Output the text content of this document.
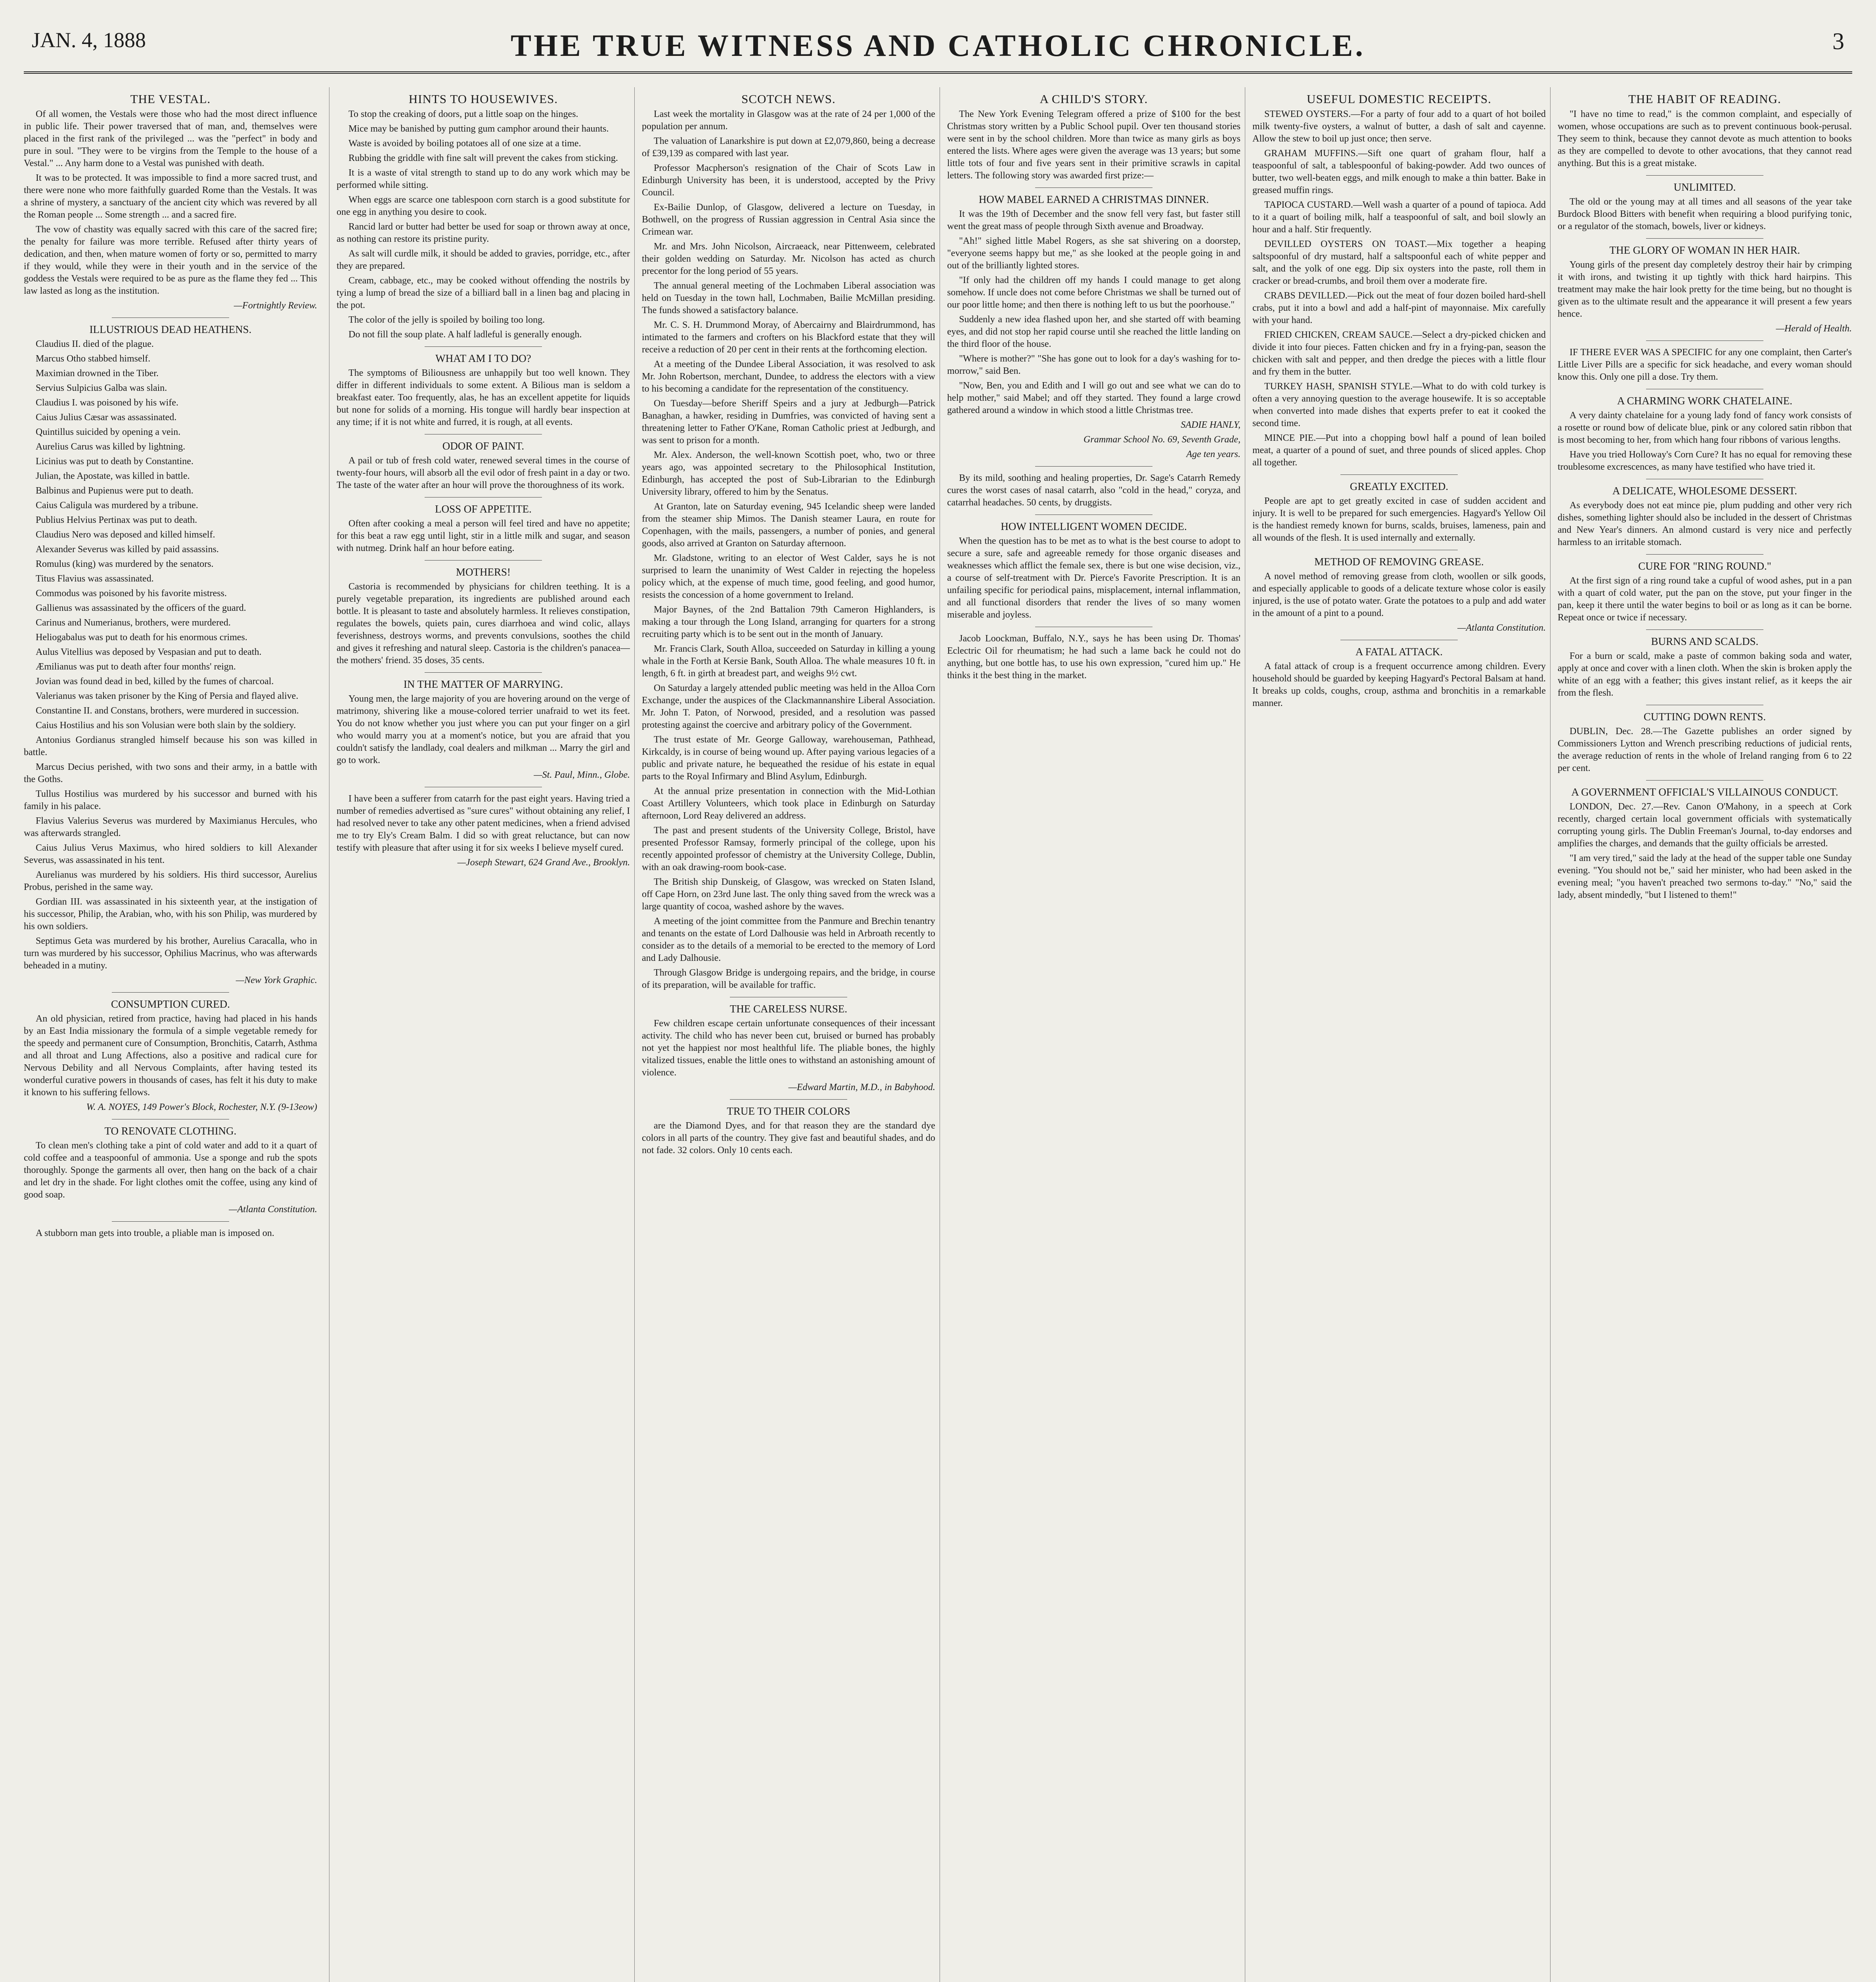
JAN. 4, 1888	THE TRUE WITNESS AND CATHOLIC CHRONICLE.	3
THE VESTAL.

Of all women, the Vestals were those who had the most direct influence in public life. Their power traversed that of man, and, themselves were placed in the first rank of the privileged ... was the "perfect" in body and pure in soul. "They were to be virgins from the Temple to the house of a Vestal." ... Any harm done to a Vestal was punished with death.

It was to be protected. It was impossible to find a more sacred trust, and there were none who more faithfully guarded Rome than the Vestals. It was a shrine of mystery, a sanctuary of the ancient city which was revered by all the Roman people ... Some strength ... and a sacred fire.

The vow of chastity was equally sacred with this care of the sacred fire; the penalty for failure was more terrible. Refused after thirty years of dedication, and then, when mature women of forty or so, permitted to marry if they would, while they were in their youth and in the service of the goddess the Vestals were required to be as pure as the flame they fed ... This law lasted as long as the institution.

—Fortnightly Review.

ILLUSTRIOUS DEAD HEATHENS.

Claudius II. died of the plague.

Marcus Otho stabbed himself.

Maximian drowned in the Tiber.

Servius Sulpicius Galba was slain.

Claudius I. was poisoned by his wife.

Caius Julius Cæsar was assassinated.

Quintillus suicided by opening a vein.

Aurelius Carus was killed by lightning.

Licinius was put to death by Constantine.

Julian, the Apostate, was killed in battle.

Balbinus and Pupienus were put to death.

Caius Caligula was murdered by a tribune.

Publius Helvius Pertinax was put to death.

Claudius Nero was deposed and killed himself.

Alexander Severus was killed by paid assassins.

Romulus (king) was murdered by the senators.

Titus Flavius was assassinated.

Commodus was poisoned by his favorite mistress.

Gallienus was assassinated by the officers of the guard.

Carinus and Numerianus, brothers, were murdered.

Heliogabalus was put to death for his enormous crimes.

Aulus Vitellius was deposed by Vespasian and put to death.

Æmilianus was put to death after four months' reign.

Jovian was found dead in bed, killed by the fumes of charcoal.

Valerianus was taken prisoner by the King of Persia and flayed alive.

Constantine II. and Constans, brothers, were murdered in succession.

Caius Hostilius and his son Volusian were both slain by the soldiery.

Antonius Gordianus strangled himself because his son was killed in battle.

Marcus Decius perished, with two sons and their army, in a battle with the Goths.

Tullus Hostilius was murdered by his successor and burned with his family in his palace.

Flavius Valerius Severus was murdered by Maximianus Hercules, who was afterwards strangled.

Caius Julius Verus Maximus, who hired soldiers to kill Alexander Severus, was assassinated in his tent.

Aurelianus was murdered by his soldiers. His third successor, Aurelius Probus, perished in the same way.

Gordian III. was assassinated in his sixteenth year, at the instigation of his successor, Philip, the Arabian, who, with his son Philip, was murdered by his own soldiers.

Septimus Geta was murdered by his brother, Aurelius Caracalla, who in turn was murdered by his successor, Ophilius Macrinus, who was afterwards beheaded in a mutiny.

—New York Graphic.

CONSUMPTION CURED.

An old physician, retired from practice, having had placed in his hands by an East India missionary the formula of a simple vegetable remedy for the speedy and permanent cure of Consumption, Bronchitis, Catarrh, Asthma and all throat and Lung Affections, also a positive and radical cure for Nervous Debility and all Nervous Complaints, after having tested its wonderful curative powers in thousands of cases, has felt it his duty to make it known to his suffering fellows.

W. A. NOYES, 149 Power's Block, Rochester, N.Y. (9-13eow)

TO RENOVATE CLOTHING.

To clean men's clothing take a pint of cold water and add to it a quart of cold coffee and a teaspoonful of ammonia. Use a sponge and rub the spots thoroughly. Sponge the garments all over, then hang on the back of a chair and let dry in the shade. For light clothes omit the coffee, using any kind of good soap.

—Atlanta Constitution.

A stubborn man gets into trouble, a pliable man is imposed on.

HINTS TO HOUSEWIVES.

To stop the creaking of doors, put a little soap on the hinges.

Mice may be banished by putting gum camphor around their haunts.

Waste is avoided by boiling potatoes all of one size at a time.

Rubbing the griddle with fine salt will prevent the cakes from sticking.

It is a waste of vital strength to stand up to do any work which may be performed while sitting.

When eggs are scarce one tablespoon corn starch is a good substitute for one egg in anything you desire to cook.

Rancid lard or butter had better be used for soap or thrown away at once, as nothing can restore its pristine purity.

As salt will curdle milk, it should be added to gravies, porridge, etc., after they are prepared.

Cream, cabbage, etc., may be cooked without offending the nostrils by tying a lump of bread the size of a billiard ball in a linen bag and placing in the pot.

The color of the jelly is spoiled by boiling too long.

Do not fill the soup plate. A half ladleful is generally enough.

WHAT AM I TO DO?

The symptoms of Biliousness are unhappily but too well known. They differ in different individuals to some extent. A Bilious man is seldom a breakfast eater. Too frequently, alas, he has an excellent appetite for liquids but none for solids of a morning. His tongue will hardly bear inspection at any time; if it is not white and furred, it is rough, at all events.

ODOR OF PAINT.

A pail or tub of fresh cold water, renewed several times in the course of twenty-four hours, will absorb all the evil odor of fresh paint in a day or two. The taste of the water after an hour will prove the thoroughness of its work.

LOSS OF APPETITE.

Often after cooking a meal a person will feel tired and have no appetite; for this beat a raw egg until light, stir in a little milk and sugar, and season with nutmeg. Drink half an hour before eating.

MOTHERS!

Castoria is recommended by physicians for children teething. It is a purely vegetable preparation, its ingredients are published around each bottle. It is pleasant to taste and absolutely harmless. It relieves constipation, regulates the bowels, quiets pain, cures diarrhoea and wind colic, allays feverishness, destroys worms, and prevents convulsions, soothes the child and gives it refreshing and natural sleep. Castoria is the children's panacea—the mothers' friend. 35 doses, 35 cents.

IN THE MATTER OF MARRYING.

Young men, the large majority of you are hovering around on the verge of matrimony, shivering like a mouse-colored terrier unafraid to wet its feet. You do not know whether you just where you can put your finger on a girl who would marry you at a moment's notice, but you are afraid that you couldn't satisfy the landlady, coal dealers and milkman ... Marry the girl and go to work.

—St. Paul, Minn., Globe.

I have been a sufferer from catarrh for the past eight years. Having tried a number of remedies advertised as "sure cures" without obtaining any relief, I had resolved never to take any other patent medicines, when a friend advised me to try Ely's Cream Balm. I did so with great reluctance, but can now testify with pleasure that after using it for six weeks I believe myself cured.

—Joseph Stewart, 624 Grand Ave., Brooklyn.

SCOTCH NEWS.

Last week the mortality in Glasgow was at the rate of 24 per 1,000 of the population per annum.

The valuation of Lanarkshire is put down at £2,079,860, being a decrease of £39,139 as compared with last year.

Professor Macpherson's resignation of the Chair of Scots Law in Edinburgh University has been, it is understood, accepted by the Privy Council.

Ex-Bailie Dunlop, of Glasgow, delivered a lecture on Tuesday, in Bothwell, on the progress of Russian aggression in Central Asia since the Crimean war.

Mr. and Mrs. John Nicolson, Aircraeack, near Pittenweem, celebrated their golden wedding on Saturday. Mr. Nicolson has acted as church precentor for the long period of 55 years.

The annual general meeting of the Lochmaben Liberal association was held on Tuesday in the town hall, Lochmaben, Bailie McMillan presiding. The funds showed a satisfactory balance.

Mr. C. S. H. Drummond Moray, of Abercairny and Blairdrummond, has intimated to the farmers and crofters on his Blackford estate that they will receive a reduction of 20 per cent in their rents at the forthcoming election.

At a meeting of the Dundee Liberal Association, it was resolved to ask Mr. John Robertson, merchant, Dundee, to address the electors with a view to his becoming a candidate for the representation of the constituency.

On Tuesday—before Sheriff Speirs and a jury at Jedburgh—Patrick Banaghan, a hawker, residing in Dumfries, was convicted of having sent a threatening letter to Father O'Kane, Roman Catholic priest at Jedburgh, and was sent to prison for a month.

Mr. Alex. Anderson, the well-known Scottish poet, who, two or three years ago, was appointed secretary to the Philosophical Institution, Edinburgh, has accepted the post of Sub-Librarian to the Edinburgh University library, offered to him by the Senatus.

At Granton, late on Saturday evening, 945 Icelandic sheep were landed from the steamer ship Mimos. The Danish steamer Laura, en route for Copenhagen, with the mails, passengers, a number of ponies, and general goods, also arrived at Granton on Saturday afternoon.

Mr. Gladstone, writing to an elector of West Calder, says he is not surprised to learn the unanimity of West Calder in rejecting the hopeless policy which, at the expense of much time, good feeling, and good humor, resists the concession of a home government to Ireland.

Major Baynes, of the 2nd Battalion 79th Cameron Highlanders, is making a tour through the Long Island, arranging for quarters for a strong recruiting party which is to be sent out in the month of January.

Mr. Francis Clark, South Alloa, succeeded on Saturday in killing a young whale in the Forth at Kersie Bank, South Alloa. The whale measures 10 ft. in length, 6 ft. in girth at breadest part, and weighs 9½ cwt.

On Saturday a largely attended public meeting was held in the Alloa Corn Exchange, under the auspices of the Clackmannanshire Liberal Association. Mr. John T. Paton, of Norwood, presided, and a resolution was passed protesting against the coercive and arbitrary policy of the Government.

The trust estate of Mr. George Galloway, warehouseman, Pathhead, Kirkcaldy, is in course of being wound up. After paying various legacies of a public and private nature, he bequeathed the residue of his estate in equal parts to the Royal Infirmary and Blind Asylum, Edinburgh.

At the annual prize presentation in connection with the Mid-Lothian Coast Artillery Volunteers, which took place in Edinburgh on Saturday afternoon, Lord Reay delivered an address.

The past and present students of the University College, Bristol, have presented Professor Ramsay, formerly principal of the college, upon his recently appointed professor of chemistry at the University College, Dublin, with an oak drawing-room book-case.

The British ship Dunskeig, of Glasgow, was wrecked on Staten Island, off Cape Horn, on 23rd June last. The only thing saved from the wreck was a large quantity of cocoa, washed ashore by the waves.

A meeting of the joint committee from the Panmure and Brechin tenantry and tenants on the estate of Lord Dalhousie was held in Arbroath recently to consider as to the details of a memorial to be erected to the memory of Lord and Lady Dalhousie.

Through Glasgow Bridge is undergoing repairs, and the bridge, in course of its preparation, will be available for traffic.

THE CARELESS NURSE.

Few children escape certain unfortunate consequences of their incessant activity. The child who has never been cut, bruised or burned has probably not yet the happiest nor most healthful life. The pliable bones, the highly vitalized tissues, enable the little ones to withstand an astonishing amount of violence.

—Edward Martin, M.D., in Babyhood.

TRUE TO THEIR COLORS

are the Diamond Dyes, and for that reason they are the standard dye colors in all parts of the country. They give fast and beautiful shades, and do not fade. 32 colors. Only 10 cents each.

A CHILD'S STORY.

The New York Evening Telegram offered a prize of $100 for the best Christmas story written by a Public School pupil. Over ten thousand stories were sent in by the school children. More than twice as many girls as boys entered the lists. Where ages were given the average was 13 years; but some little tots of four and five years sent in their primitive scrawls in capital letters. The following story was awarded first prize:—

HOW MABEL EARNED A CHRISTMAS DINNER.

It was the 19th of December and the snow fell very fast, but faster still went the great mass of people through Sixth avenue and Broadway.

"Ah!" sighed little Mabel Rogers, as she sat shivering on a doorstep, "everyone seems happy but me," as she looked at the people going in and out of the brilliantly lighted stores.

"If only had the children off my hands I could manage to get along somehow. If uncle does not come before Christmas we shall be turned out of our poor little home; and then there is nothing left to us but the poorhouse."

Suddenly a new idea flashed upon her, and she started off with beaming eyes, and did not stop her rapid course until she reached the little landing on the third floor of the house.

"Where is mother?" "She has gone out to look for a day's washing for to-morrow," said Ben.

"Now, Ben, you and Edith and I will go out and see what we can do to help mother," said Mabel; and off they started. They found a large crowd gathered around a window in which stood a little Christmas tree.

SADIE HANLY,

Grammar School No. 69, Seventh Grade,

Age ten years.

By its mild, soothing and healing properties, Dr. Sage's Catarrh Remedy cures the worst cases of nasal catarrh, also "cold in the head," coryza, and catarrhal headaches. 50 cents, by druggists.

HOW INTELLIGENT WOMEN DECIDE.

When the question has to be met as to what is the best course to adopt to secure a sure, safe and agreeable remedy for those organic diseases and weaknesses which afflict the female sex, there is but one wise decision, viz., a course of self-treatment with Dr. Pierce's Favorite Prescription. It is an unfailing specific for periodical pains, misplacement, internal inflammation, and all functional disorders that render the lives of so many women miserable and joyless.

Jacob Loockman, Buffalo, N.Y., says he has been using Dr. Thomas' Eclectric Oil for rheumatism; he had such a lame back he could not do anything, but one bottle has, to use his own expression, "cured him up." He thinks it the best thing in the market.

USEFUL DOMESTIC RECEIPTS.

STEWED OYSTERS.—For a party of four add to a quart of hot boiled milk twenty-five oysters, a walnut of butter, a dash of salt and cayenne. Allow the stew to boil up just once; then serve.

GRAHAM MUFFINS.—Sift one quart of graham flour, half a teaspoonful of salt, a tablespoonful of baking-powder. Add two ounces of butter, two well-beaten eggs, and milk enough to make a thin batter. Bake in greased muffin rings.

TAPIOCA CUSTARD.—Well wash a quarter of a pound of tapioca. Add to it a quart of boiling milk, half a teaspoonful of salt, and boil slowly an hour and a half. Stir frequently.

DEVILLED OYSTERS ON TOAST.—Mix together a heaping saltspoonful of dry mustard, half a saltspoonful each of white pepper and salt, and the yolk of one egg. Dip six oysters into the paste, roll them in cracker or bread-crumbs, and broil them over a moderate fire.

CRABS DEVILLED.—Pick out the meat of four dozen boiled hard-shell crabs, put it into a bowl and add a half-pint of mayonnaise. Mix carefully with your hand.

FRIED CHICKEN, CREAM SAUCE.—Select a dry-picked chicken and divide it into four pieces. Fatten chicken and fry in a frying-pan, season the chicken with salt and pepper, and then dredge the pieces with a little flour and fry them in the butter.

TURKEY HASH, SPANISH STYLE.—What to do with cold turkey is often a very annoying question to the average housewife. It is so acceptable when converted into made dishes that experts prefer to eat it cooked the second time.

MINCE PIE.—Put into a chopping bowl half a pound of lean boiled meat, a quarter of a pound of suet, and three pounds of sliced apples. Chop all together.

GREATLY EXCITED.

People are apt to get greatly excited in case of sudden accident and injury. It is well to be prepared for such emergencies. Hagyard's Yellow Oil is the handiest remedy known for burns, scalds, bruises, lameness, pain and all wounds of the flesh. It is used internally and externally.

METHOD OF REMOVING GREASE.

A novel method of removing grease from cloth, woollen or silk goods, and especially applicable to goods of a delicate texture whose color is easily injured, is the use of potato water. Grate the potatoes to a pulp and add water in the amount of a pint to a pound.

—Atlanta Constitution.

A FATAL ATTACK.

A fatal attack of croup is a frequent occurrence among children. Every household should be guarded by keeping Hagyard's Pectoral Balsam at hand. It breaks up colds, coughs, croup, asthma and bronchitis in a remarkable manner.

THE HABIT OF READING.

"I have no time to read," is the common complaint, and especially of women, whose occupations are such as to prevent continuous book-perusal. They seem to think, because they cannot devote as much attention to books as they are compelled to devote to other avocations, that they cannot read anything. But this is a great mistake.

UNLIMITED.

The old or the young may at all times and all seasons of the year take Burdock Blood Bitters with benefit when requiring a blood purifying tonic, or a regulator of the stomach, bowels, liver or kidneys.

THE GLORY OF WOMAN IN HER HAIR.

Young girls of the present day completely destroy their hair by crimping it with irons, and twisting it up tightly with thick hard hairpins. This treatment may make the hair look pretty for the time being, but no thought is given as to the ultimate result and the appearance it will present a few years hence.

—Herald of Health.

IF THERE EVER WAS A SPECIFIC for any one complaint, then Carter's Little Liver Pills are a specific for sick headache, and every woman should know this. Only one pill a dose. Try them.

A CHARMING WORK CHATELAINE.

A very dainty chatelaine for a young lady fond of fancy work consists of a rosette or round bow of delicate blue, pink or any colored satin ribbon that is most becoming to her, from which hang four ribbons of various lengths.

Have you tried Holloway's Corn Cure? It has no equal for removing these troublesome excrescences, as many have testified who have tried it.

A DELICATE, WHOLESOME DESSERT.

As everybody does not eat mince pie, plum pudding and other very rich dishes, something lighter should also be included in the dessert of Christmas and New Year's dinners. An almond custard is very nice and perfectly harmless to an irritable stomach.

CURE FOR "RING ROUND."

At the first sign of a ring round take a cupful of wood ashes, put in a pan with a quart of cold water, put the pan on the stove, put your finger in the pan, keep it there until the water begins to boil or as long as it can be borne. Repeat once or twice if necessary.

BURNS AND SCALDS.

For a burn or scald, make a paste of common baking soda and water, apply at once and cover with a linen cloth. When the skin is broken apply the white of an egg with a feather; this gives instant relief, as it keeps the air from the flesh.

CUTTING DOWN RENTS.

DUBLIN, Dec. 28.—The Gazette publishes an order signed by Commissioners Lytton and Wrench prescribing reductions of judicial rents, the average reduction of rents in the whole of Ireland ranging from 6 to 22 per cent.

A GOVERNMENT OFFICIAL'S VILLAINOUS CONDUCT.

LONDON, Dec. 27.—Rev. Canon O'Mahony, in a speech at Cork recently, charged certain local government officials with systematically corrupting young girls. The Dublin Freeman's Journal, to-day endorses and amplifies the charges, and demands that the guilty officials be arrested.

"I am very tired," said the lady at the head of the supper table one Sunday evening. "You should not be," said her minister, who had been asked in the evening meal; "you haven't preached two sermons to-day." "No," said the lady, absent mindedly, "but I listened to them!"
